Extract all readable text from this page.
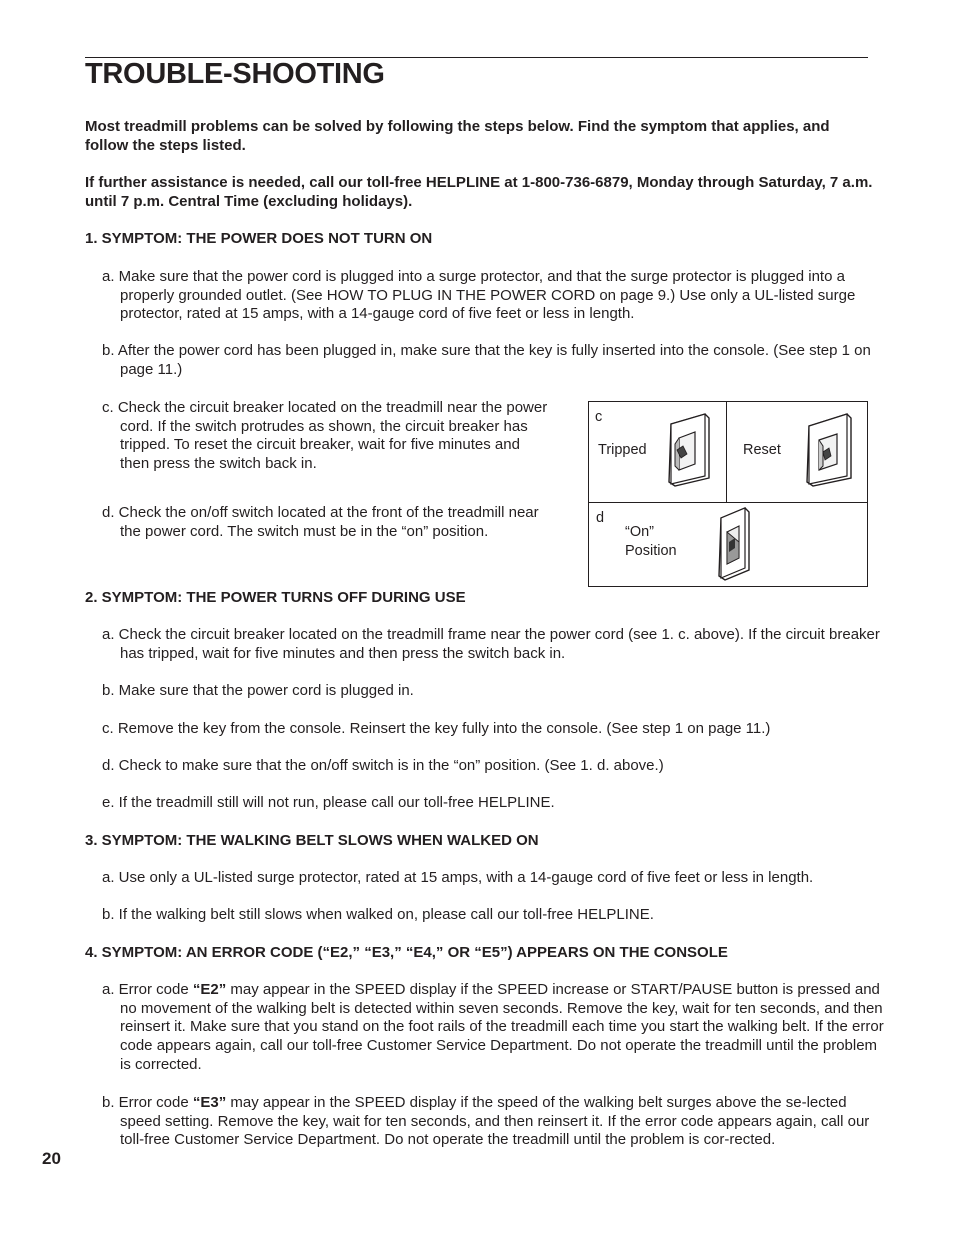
TROUBLE-SHOOTING

Most treadmill problems can be solved by following the steps below. Find the symptom that applies, and follow the steps listed.

If further assistance is needed, call our toll-free HELPLINE at 1-800-736-6879, Monday through Saturday, 7 a.m. until 7 p.m. Central Time (excluding holidays).

1. SYMPTOM: THE POWER DOES NOT TURN ON

a. Make sure that the power cord is plugged into a surge protector, and that the surge protector is plugged into a properly grounded outlet. (See HOW TO PLUG IN THE POWER CORD on page 9.) Use only a UL-listed surge protector, rated at 15 amps, with a 14-gauge cord of five feet or less in length.

b. After the power cord has been plugged in, make sure that the key is fully inserted into the console. (See step 1 on page 11.)

c. Check the circuit breaker located on the treadmill near the power cord. If the switch protrudes as shown, the circuit breaker has tripped. To reset the circuit breaker, wait for five minutes and then press the switch back in.

d. Check the on/off switch located at the front of the treadmill near the power cord. The switch must be in the “on” position.

c
Tripped	Reset
d
“On”
Position

2. SYMPTOM: THE POWER TURNS OFF DURING USE

a. Check the circuit breaker located on the treadmill frame near the power cord (see 1. c. above). If the circuit breaker has tripped, wait for five minutes and then press the switch back in.

b. Make sure that the power cord is plugged in.

c. Remove the key from the console. Reinsert the key fully into the console. (See step 1 on page 11.)

d. Check to make sure that the on/off switch is in the “on” position. (See 1. d. above.)

e. If the treadmill still will not run, please call our toll-free HELPLINE.

3. SYMPTOM: THE WALKING BELT SLOWS WHEN WALKED ON

a. Use only a UL-listed surge protector, rated at 15 amps, with a 14-gauge cord of five feet or less in length.

b. If the walking belt still slows when walked on, please call our toll-free HELPLINE.

4. SYMPTOM: AN ERROR CODE (“E2,” “E3,” “E4,” OR “E5”) APPEARS ON THE CONSOLE

a. Error code “E2” may appear in the SPEED display if the SPEED increase or START/PAUSE button is pressed and no movement of the walking belt is detected within seven seconds. Remove the key, wait for ten seconds, and then reinsert it. Make sure that you stand on the foot rails of the treadmill each time you start the walking belt. If the error code appears again, call our toll-free Customer Service Department. Do not operate the treadmill until the problem is corrected.

b. Error code “E3” may appear in the SPEED display if the speed of the walking belt surges above the se-lected speed setting. Remove the key, wait for ten seconds, and then reinsert it. If the error code appears again, call our toll-free Customer Service Department. Do not operate the treadmill until the problem is cor-rected.

20
